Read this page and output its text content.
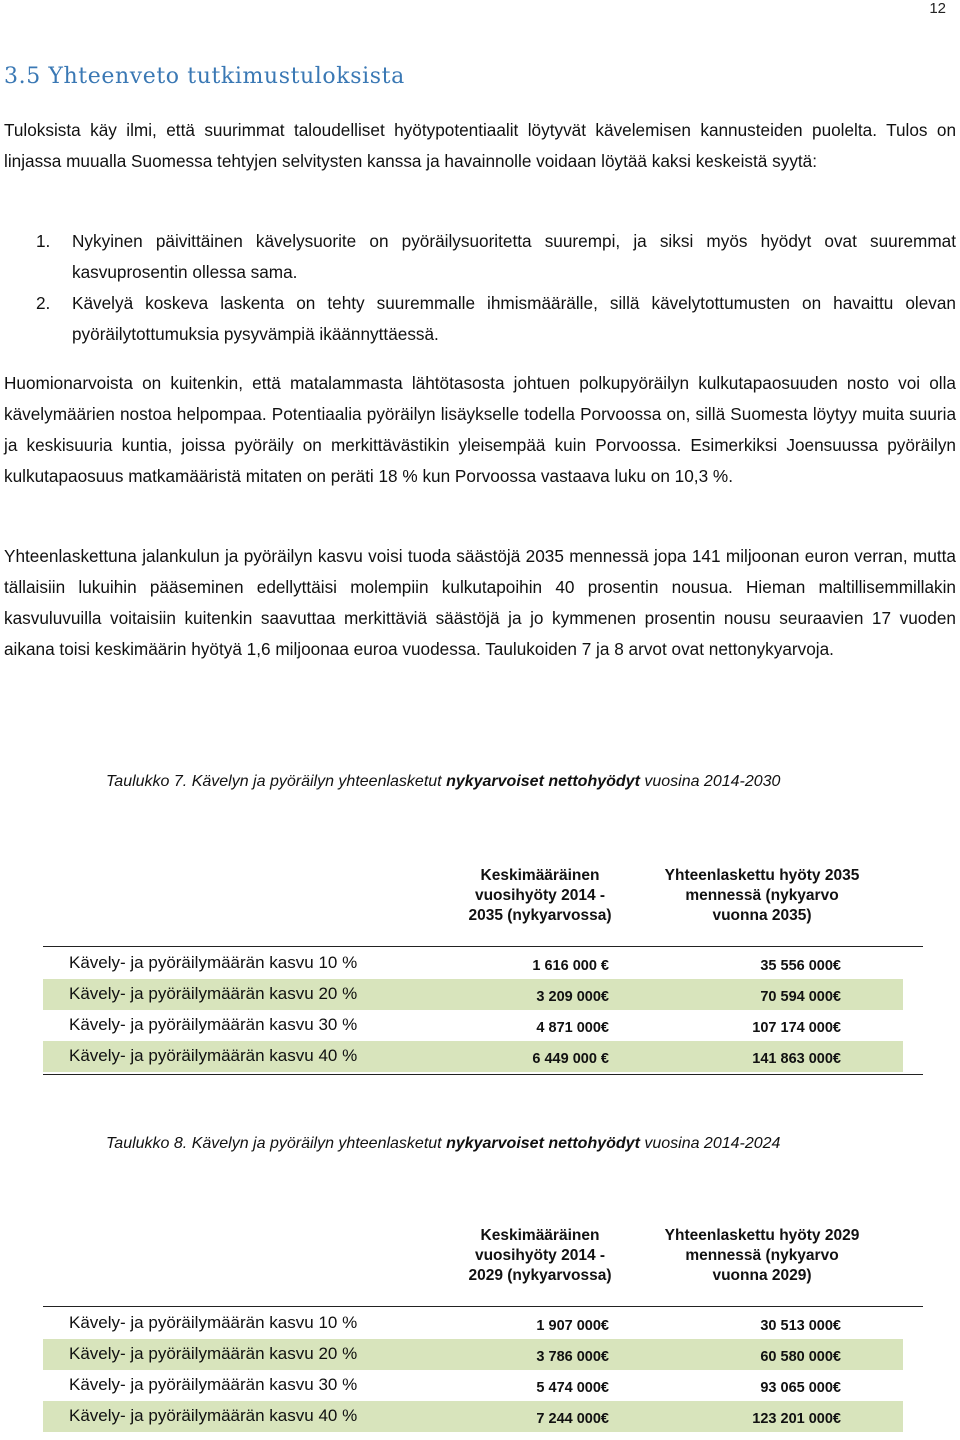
12
3.5 Yhteenveto tutkimustuloksista

Tuloksista käy ilmi, että suurimmat taloudelliset hyötypotentiaalit löytyvät kävelemisen kannusteiden puolelta. Tulos on linjassa muualla Suomessa tehtyjen selvitysten kanssa ja havainnolle voidaan löytää kaksi keskeistä syytä:

1. Nykyinen päivittäinen kävelysuorite on pyöräilysuoritetta suurempi, ja siksi myös hyödyt ovat suuremmat kasvuprosentin ollessa sama.
2. Kävelyä koskeva laskenta on tehty suuremmalle ihmismäärälle, sillä kävelytottumusten on havaittu olevan pyöräilytottumuksia pysyvämpiä ikäännyttäessä.

Huomionarvoista on kuitenkin, että matalammasta lähtötasosta johtuen polkupyöräilyn kulkutapaosuuden nosto voi olla kävelymäärien nostoa helpompaa. Potentiaalia pyöräilyn lisäykselle todella Porvoossa on, sillä Suomesta löytyy muita suuria ja keskisuuria kuntia, joissa pyöräily on merkittävästikin yleisempää kuin Porvoossa. Esimerkiksi Joensuussa pyöräilyn kulkutapaosuus matkamääristä mitaten on peräti 18 % kun Porvoossa vastaava luku on 10,3 %.

Yhteenlaskettuna jalankulun ja pyöräilyn kasvu voisi tuoda säästöjä 2035 mennessä jopa 141 miljoonan euron verran, mutta tällaisiin lukuihin pääseminen edellyttäisi molempiin kulkutapoihin 40 prosentin nousua. Hieman maltillisemmillakin kasvuluvuilla voitaisiin kuitenkin saavuttaa merkittäviä säästöjä ja jo kymmenen prosentin nousu seuraavien 17 vuoden aikana toisi keskimäärin hyötyä 1,6 miljoonaa euroa vuodessa. Taulukoiden 7 ja 8 arvot ovat nettonykyarvoja.

Taulukko 7. Kävelyn ja pyöräilyn yhteenlasketut nykyarvoiset nettohyödyt vuosina 2014-2030

Keskimääräinen
vuosihyöty 2014 -
2035 (nykyarvossa)
Yhteenlaskettu hyöty 2035
mennessä (nykyarvo
vuonna 2035)
Kävely- ja pyöräilymäärän kasvu 10 %	1 616 000 €	35 556 000€
Kävely- ja pyöräilymäärän kasvu 20 %	3 209 000€	70 594 000€
Kävely- ja pyöräilymäärän kasvu 30 %	4 871 000€	107 174 000€
Kävely- ja pyöräilymäärän kasvu 40 %	6 449 000 €	141 863 000€

Taulukko 8. Kävelyn ja pyöräilyn yhteenlasketut nykyarvoiset nettohyödyt vuosina 2014-2024

Keskimääräinen
vuosihyöty 2014 -
2029 (nykyarvossa)
Yhteenlaskettu hyöty 2029
mennessä (nykyarvo
vuonna 2029)
Kävely- ja pyöräilymäärän kasvu 10 %	1 907 000€	30 513 000€
Kävely- ja pyöräilymäärän kasvu 20 %	3 786 000€	60 580 000€
Kävely- ja pyöräilymäärän kasvu 30 %	5 474 000€	93 065 000€
Kävely- ja pyöräilymäärän kasvu 40 %	7 244 000€	123 201 000€
